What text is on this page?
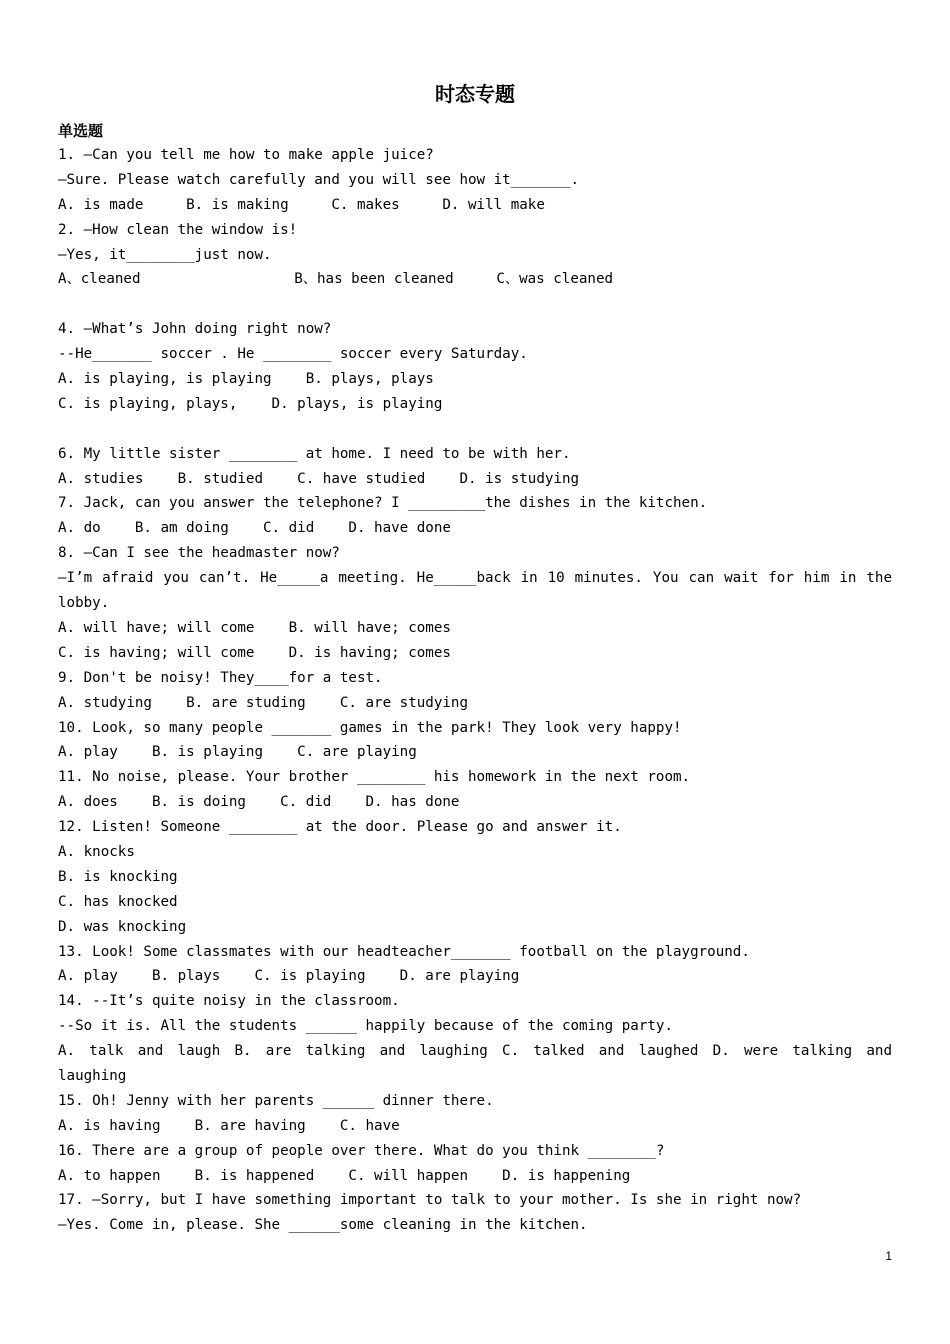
时态专题
单选题
1. —Can you tell me how to make apple juice?
—Sure. Please watch carefully and you will see how it_______.
A. is made     B. is making     C. makes     D. will make
2. —How clean the window is!
—Yes, it________just now.
A、cleaned                  B、has been cleaned     C、was cleaned
4. —What’s John doing right now?
--He_______ soccer . He ________ soccer every Saturday.
A. is playing, is playing    B. plays, plays
C. is playing, plays,    D. plays, is playing
6. My little sister ________ at home. I need to be with her.
A. studies    B. studied    C. have studied    D. is studying
7. Jack, can you answer the telephone? I _________the dishes in the kitchen.
A. do    B. am doing    C. did    D. have done
8. —Can I see the headmaster now?
—I’m afraid you can’t. He_____a meeting. He_____back in 10 minutes. You can wait for him in the lobby.
A. will have; will come    B. will have; comes
C. is having; will come    D. is having; comes
9. Don't be noisy! They____for a test.
A. studying    B. are studing    C. are studying
10. Look, so many people _______ games in the park! They look very happy!
A. play    B. is playing    C. are playing
11. No noise, please. Your brother ________ his homework in the next room.
A. does    B. is doing    C. did    D. has done
12. Listen! Someone ________ at the door. Please go and answer it.
A. knocks
B. is knocking
C. has knocked
D. was knocking
13. Look! Some classmates with our headteacher_______ football on the playground.
A. play    B. plays    C. is playing    D. are playing
14. --It’s quite noisy in the classroom.
--So it is. All the students ______ happily because of the coming party.
A. talk and laugh B. are talking and laughing C. talked and laughed D. were talking and laughing
15. Oh! Jenny with her parents ______ dinner there.
A. is having    B. are having    C. have
16. There are a group of people over there. What do you think ________?
A. to happen    B. is happened    C. will happen    D. is happening
17. —Sorry, but I have something important to talk to your mother. Is she in right now?
—Yes. Come in, please. She ______some cleaning in the kitchen.
1
